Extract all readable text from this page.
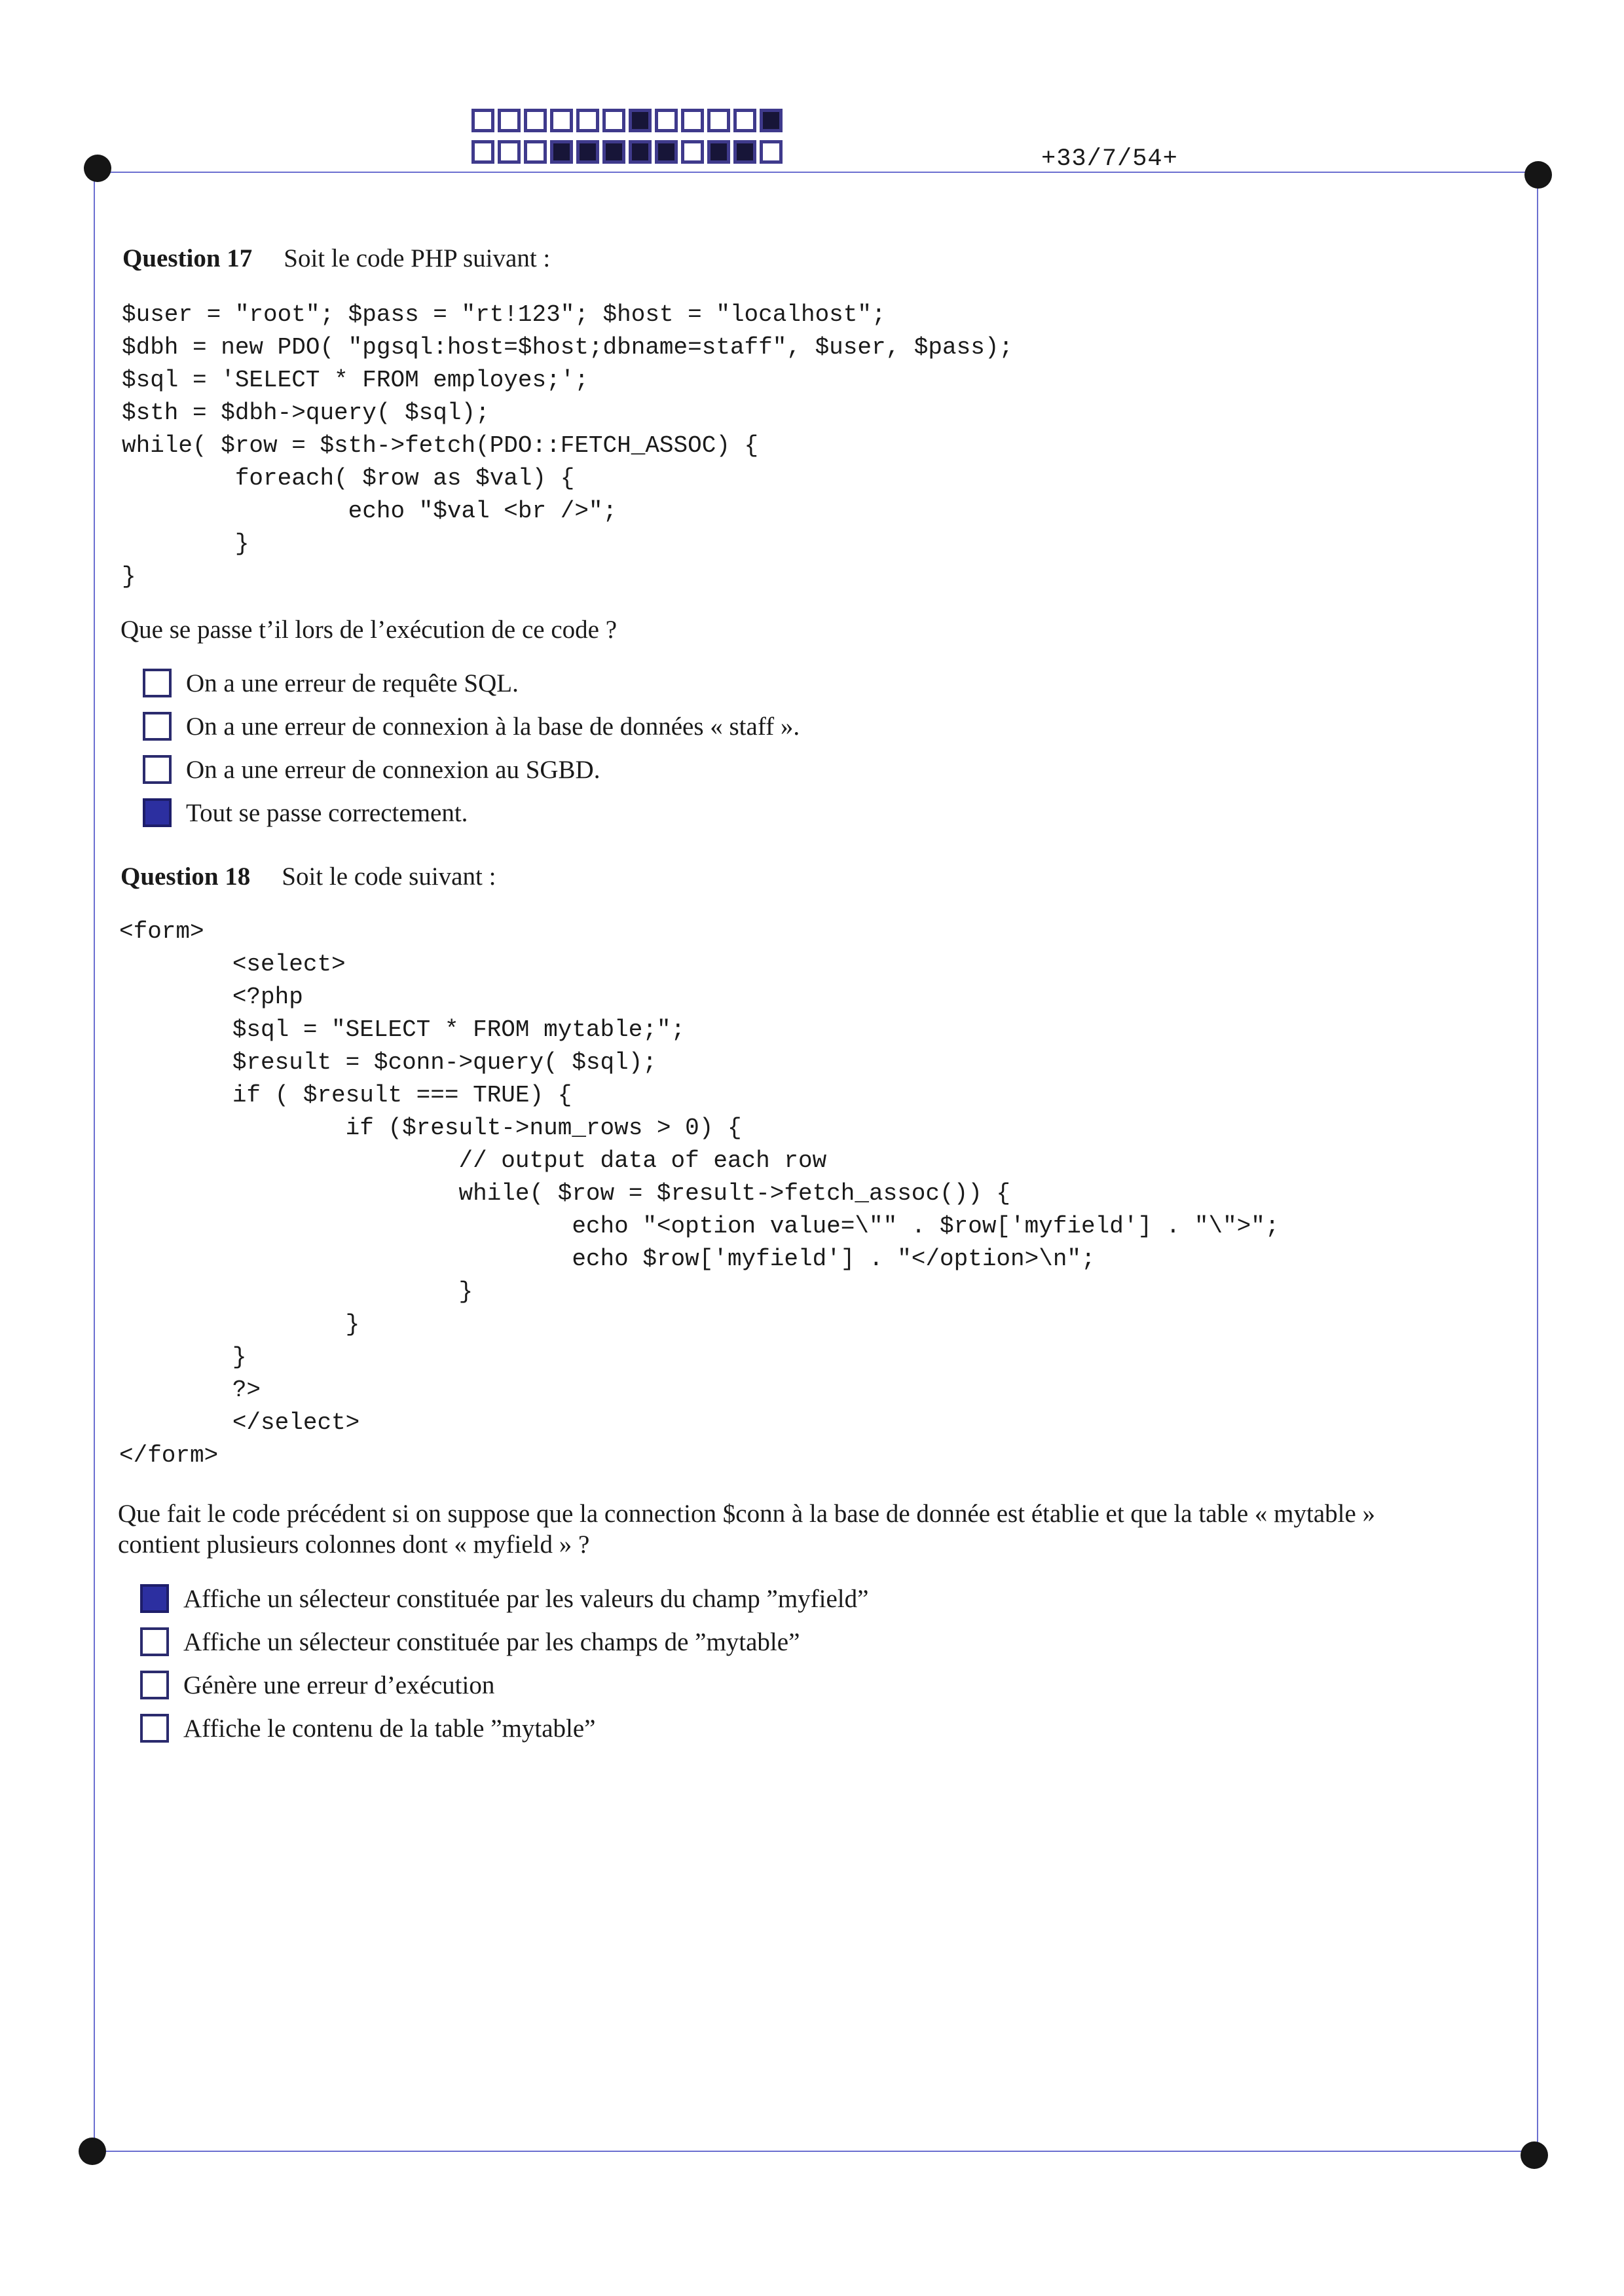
+33/7/54+
Question 17 Soit le code PHP suivant :
$user = "root"; $pass = "rt!123"; $host = "localhost";
$dbh = new PDO( "pgsql:host=$host;dbname=staff", $user, $pass);
$sql = 'SELECT * FROM employes;';
$sth = $dbh->query( $sql);
while( $row = $sth->fetch(PDO::FETCH_ASSOC) {
foreach( $row as $val) {
echo "$val <br />";
}
}
Que se passe t’il lors de l’exécution de ce code ?
On a une erreur de requête SQL.
On a une erreur de connexion à la base de données « staff ».
On a une erreur de connexion au SGBD.
Tout se passe correctement.
Question 18 Soit le code suivant :
<form>
<select>
<?php
$sql = "SELECT * FROM mytable;";
$result = $conn->query( $sql);
if ( $result === TRUE) {
if ($result->num_rows > 0) {
// output data of each row
while( $row = $result->fetch_assoc()) {
echo "<option value=\"" . $row['myfield'] . "\">";
echo $row['myfield'] . "</option>\n";
}
}
}
?>
</select>
</form>
Que fait le code précédent si on suppose que la connection $conn à la base de donnée est établie et que la table « mytable »
contient plusieurs colonnes dont « myfield » ?
Affiche un sélecteur constituée par les valeurs du champ ”myfield”
Affiche un sélecteur constituée par les champs de ”mytable”
Génère une erreur d’exécution
Affiche le contenu de la table ”mytable”
